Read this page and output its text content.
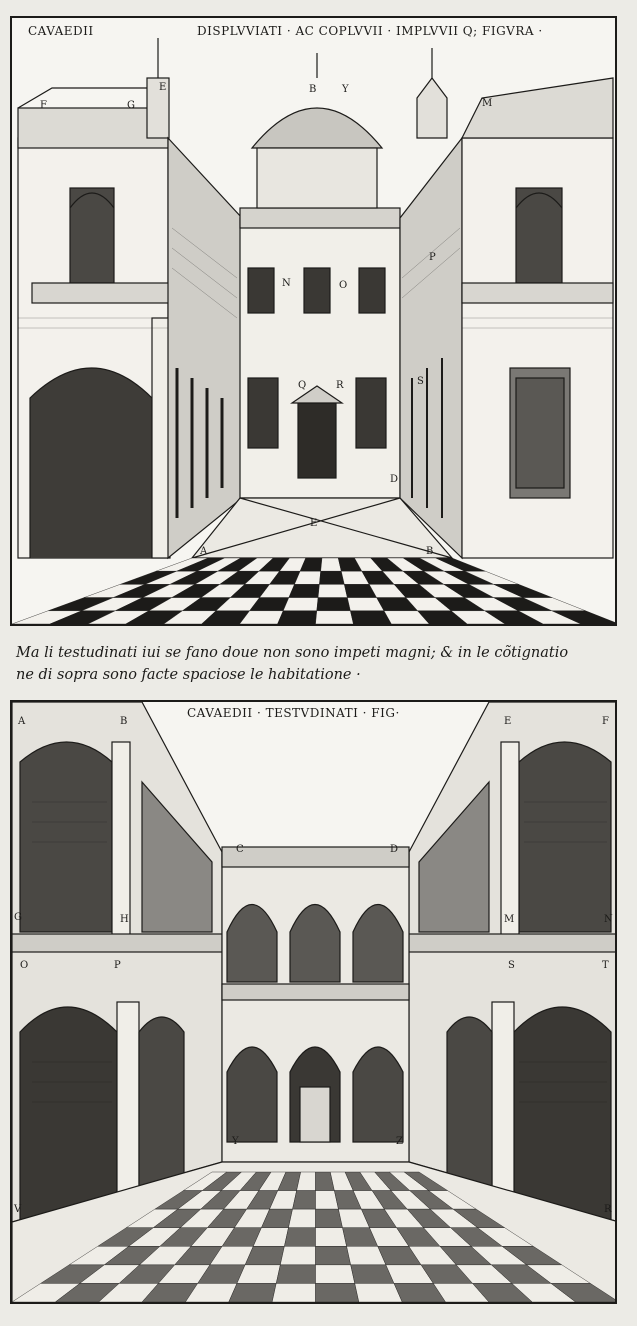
CAVAEDII	DISPLVVIATI · AC COPLVVII · IMPLVVII Q; FIGVRA ·
E	B	Y
F	G	M
N	O
P
Q	R	S
D
E
A	B
Ma li testudinati iui se fano doue non sono impeti magni; & in le cõtignatio
ne di sopra sono facte spaciose le habitatione ·
CAVAEDII · TESTVDINATI · FIG·
A	B	E	F
C	D
G	H	M	N
O	P	S	T
Y	Z
V	R
